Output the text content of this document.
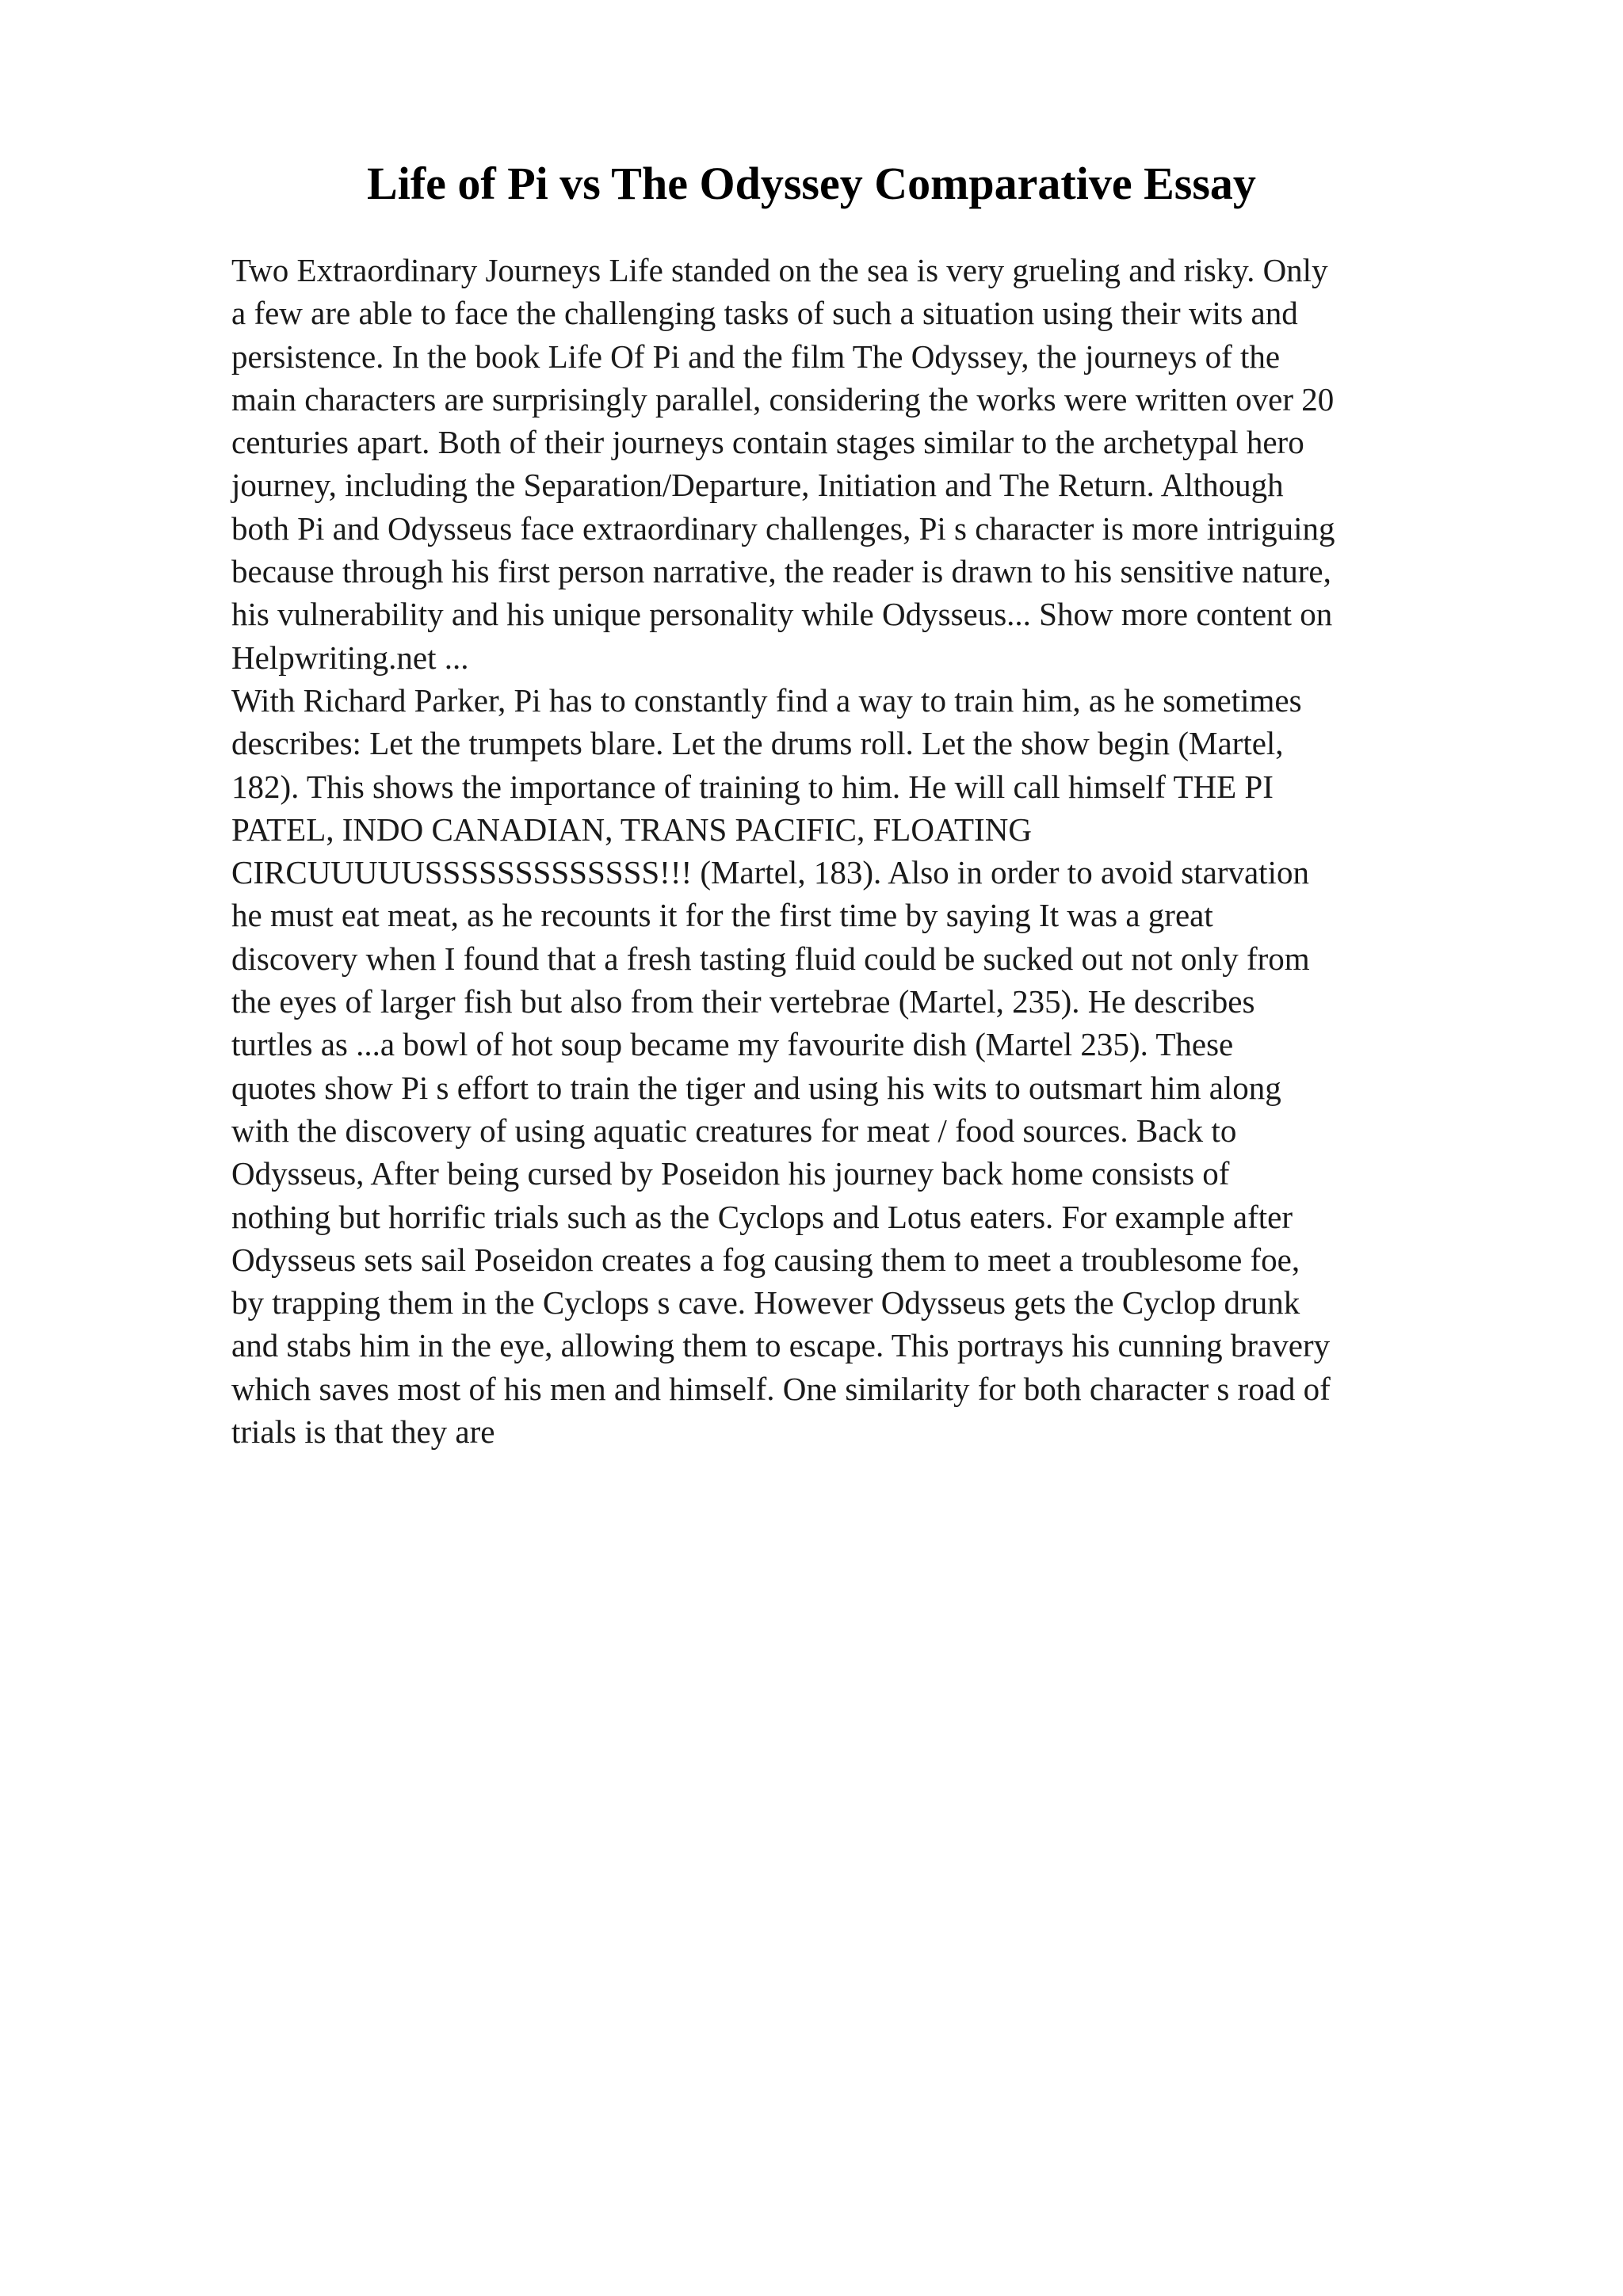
Life of Pi vs The Odyssey Comparative Essay
Two Extraordinary Journeys Life standed on the sea is very grueling and risky. Only
a few are able to face the challenging tasks of such a situation using their wits and
persistence. In the book Life Of Pi and the film The Odyssey, the journeys of the
main characters are surprisingly parallel, considering the works were written over 20
centuries apart. Both of their journeys contain stages similar to the archetypal hero
journey, including the Separation/Departure, Initiation and The Return. Although
both Pi and Odysseus face extraordinary challenges, Pi s character is more intriguing
because through his first person narrative, the reader is drawn to his sensitive nature,
his vulnerability and his unique personality while Odysseus... Show more content on
Helpwriting.net ...
With Richard Parker, Pi has to constantly find a way to train him, as he sometimes
describes: Let the trumpets blare. Let the drums roll. Let the show begin (Martel,
182). This shows the importance of training to him. He will call himself THE PI
PATEL, INDO CANADIAN, TRANS PACIFIC, FLOATING
CIRCUUUUUSSSSSSSSSSSSS!!! (Martel, 183). Also in order to avoid starvation
he must eat meat, as he recounts it for the first time by saying It was a great
discovery when I found that a fresh tasting fluid could be sucked out not only from
the eyes of larger fish but also from their vertebrae (Martel, 235). He describes
turtles as ...a bowl of hot soup became my favourite dish (Martel 235). These
quotes show Pi s effort to train the tiger and using his wits to outsmart him along
with the discovery of using aquatic creatures for meat / food sources. Back to
Odysseus, After being cursed by Poseidon his journey back home consists of
nothing but horrific trials such as the Cyclops and Lotus eaters. For example after
Odysseus sets sail Poseidon creates a fog causing them to meet a troublesome foe,
by trapping them in the Cyclops s cave. However Odysseus gets the Cyclop drunk
and stabs him in the eye, allowing them to escape. This portrays his cunning bravery
which saves most of his men and himself. One similarity for both character s road of
trials is that they are
